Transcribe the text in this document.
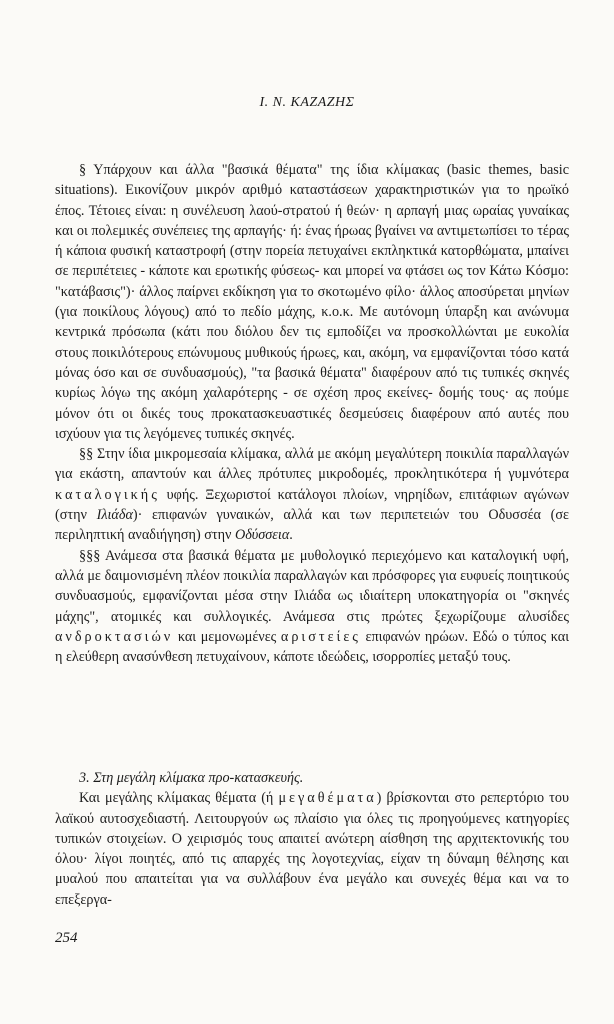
Ι. Ν. ΚΑΖΑΖΗΣ

§ Υπάρχουν και άλλα "βασικά θέματα" της ίδια κλίμακας (basic themes, basic situations). Εικονίζουν μικρόν αριθμό καταστάσεων χαρακτηριστικών για το ηρωϊκό έπος. Τέτοιες είναι: η συνέλευση λαού-στρατού ή θεών· η αρπαγή μιας ωραίας γυναίκας και οι πολεμικές συνέπειες της αρπαγής· ή: ένας ήρωας βγαίνει να αντιμετωπίσει το τέρας ή κάποια φυσική καταστροφή (στην πορεία πετυχαίνει εκπληκτικά κατορθώματα, μπαίνει σε περιπέτειες - κάποτε και ερωτικής φύσεως- και μπορεί να φτάσει ως τον Κάτω Κόσμο: "κατάβασις")· άλλος παίρνει εκδίκηση για το σκοτωμένο φίλο· άλλος αποσύρεται μηνίων (για ποικίλους λόγους) από το πεδίο μάχης, κ.ο.κ. Με αυτόνομη ύπαρξη και ανώνυμα κεντρικά πρόσωπα (κάτι που διόλου δεν τις εμποδίζει να προσκολλώνται με ευκολία στους ποικιλότερους επώνυμους μυθικούς ήρωες, και, ακόμη, να εμφανίζονται τόσο κατά μόνας όσο και σε συνδυασμούς), "τα βασικά θέματα" διαφέρουν από τις τυπικές σκηνές κυρίως λόγω της ακόμη χαλαρότερης - σε σχέση προς εκείνες- δομής τους· ας πούμε μόνον ότι οι δικές τους προκατασκευαστικές δεσμεύσεις διαφέρουν από αυτές που ισχύουν για τις λεγόμενες τυπικές σκηνές.

§§ Στην ίδια μικρομεσαία κλίμακα, αλλά με ακόμη μεγαλύτερη ποικιλία παραλλαγών για εκάστη, απαντούν και άλλες πρότυπες μικροδομές, προκλητικότερα ή γυμνότερα καταλογικής υφής. Ξεχωριστοί κατάλογοι πλοίων, νηρηίδων, επιτάφιων αγώνων (στην Ιλιάδα)· επιφανών γυναικών, αλλά και των περιπετειών του Οδυσσέα (σε περιληπτική αναδιήγηση) στην Οδύσσεια.

§§§ Ανάμεσα στα βασικά θέματα με μυθολογικό περιεχόμενο και καταλογική υφή, αλλά με δαιμονισμένη πλέον ποικιλία παραλλαγών και πρόσφορες για ευφυείς ποιητικούς συνδυασμούς, εμφανίζονται μέσα στην Ιλιάδα ως ιδιαίτερη υποκατηγορία οι "σκηνές μάχης", ατομικές και συλλογικές. Ανάμεσα στις πρώτες ξεχωρίζουμε αλυσίδες ανδροκτασιών και μεμονωμένες αριστείες επιφανών ηρώων. Εδώ ο τύπος και η ελεύθερη ανασύνθεση πετυχαίνουν, κάποτε ιδεώδεις, ισορροπίες μεταξύ τους.

3. Στη μεγάλη κλίμακα προ-κατασκευής.

Και μεγάλης κλίμακας θέματα (ή μεγαθέματα) βρίσκονται στο ρεπερτόριο του λαϊκού αυτοσχεδιαστή. Λειτουργούν ως πλαίσιο για όλες τις προηγούμενες κατηγορίες τυπικών στοιχείων. Ο χειρισμός τους απαιτεί ανώτερη αίσθηση της αρχιτεκτονικής του όλου· λίγοι ποιητές, από τις απαρχές της λογοτεχνίας, είχαν τη δύναμη θέλησης και μυαλού που απαιτείται για να συλλάβουν ένα μεγάλο και συνεχές θέμα και να το επεξεργα-

254
